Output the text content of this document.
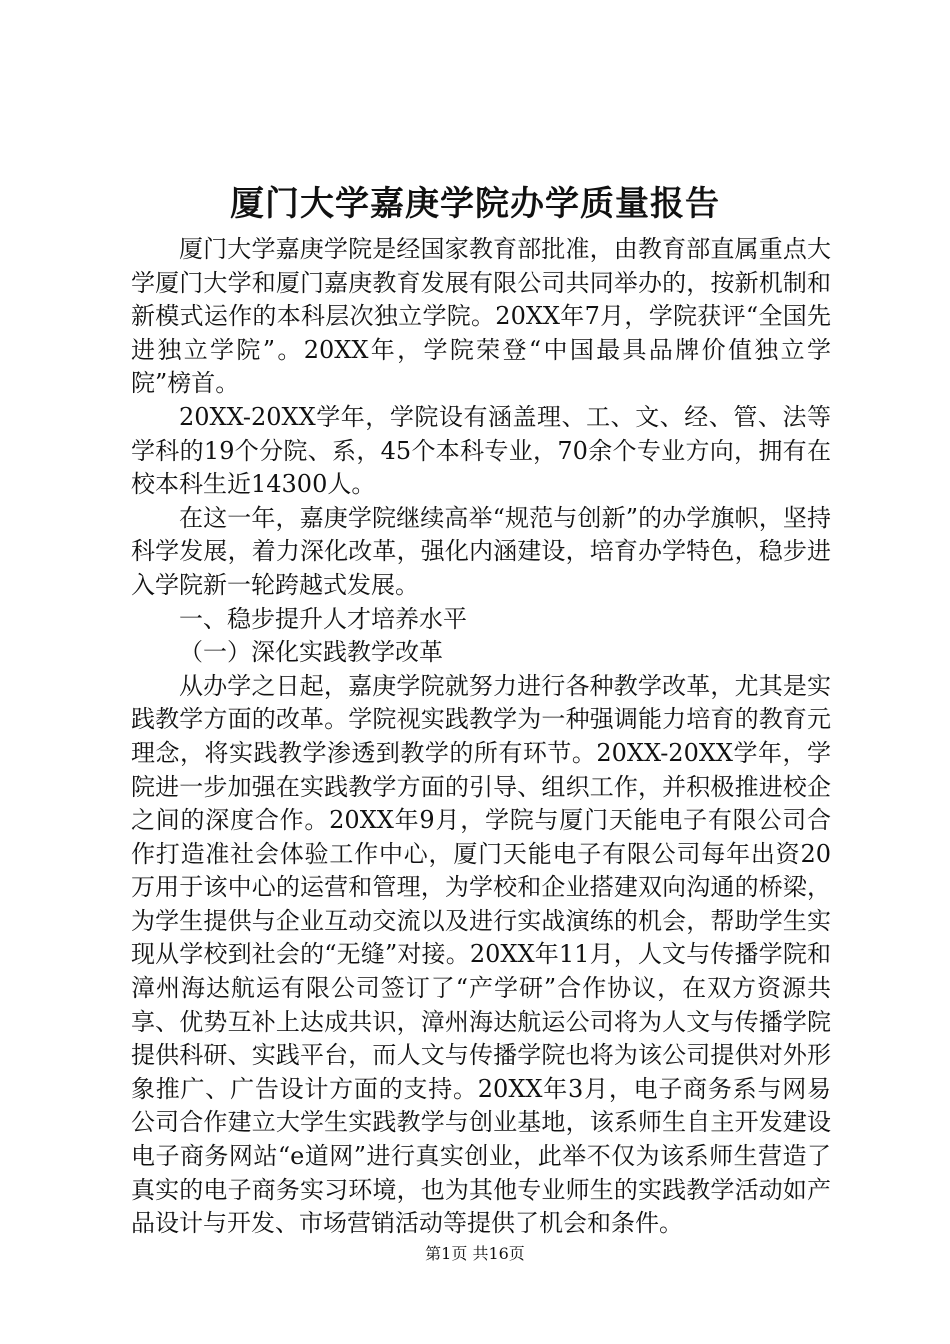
厦门大学嘉庚学院办学质量报告

厦门大学嘉庚学院是经国家教育部批准，由教育部直属重点大学厦门大学和厦门嘉庚教育发展有限公司共同举办的，按新机制和新模式运作的本科层次独立学院。20XX年7月，学院获评“全国先进独立学院”。20XX年，学院荣登“中国最具品牌价值独立学院”榜首。

20XX-20XX学年，学院设有涵盖理、工、文、经、管、法等学科的19个分院、系，45个本科专业，70余个专业方向，拥有在校本科生近14300人。

在这一年，嘉庚学院继续高举“规范与创新”的办学旗帜，坚持科学发展，着力深化改革，强化内涵建设，培育办学特色，稳步进入学院新一轮跨越式发展。

一、稳步提升人才培养水平

（一）深化实践教学改革

从办学之日起，嘉庚学院就努力进行各种教学改革，尤其是实践教学方面的改革。学院视实践教学为一种强调能力培育的教育元理念，将实践教学渗透到教学的所有环节。20XX-20XX学年，学院进一步加强在实践教学方面的引导、组织工作，并积极推进校企之间的深度合作。20XX年9月，学院与厦门天能电子有限公司合作打造准社会体验工作中心，厦门天能电子有限公司每年出资20万用于该中心的运营和管理，为学校和企业搭建双向沟通的桥梁，为学生提供与企业互动交流以及进行实战演练的机会，帮助学生实现从学校到社会的“无缝”对接。20XX年11月，人文与传播学院和漳州海达航运有限公司签订了“产学研”合作协议，在双方资源共享、优势互补上达成共识，漳州海达航运公司将为人文与传播学院提供科研、实践平台，而人文与传播学院也将为该公司提供对外形象推广、广告设计方面的支持。20XX年3月，电子商务系与网易公司合作建立大学生实践教学与创业基地，该系师生自主开发建设电子商务网站“e道网”进行真实创业，此举不仅为该系师生营造了真实的电子商务实习环境，也为其他专业师生的实践教学活动如产品设计与开发、市场营销活动等提供了机会和条件。

第1页 共16页
